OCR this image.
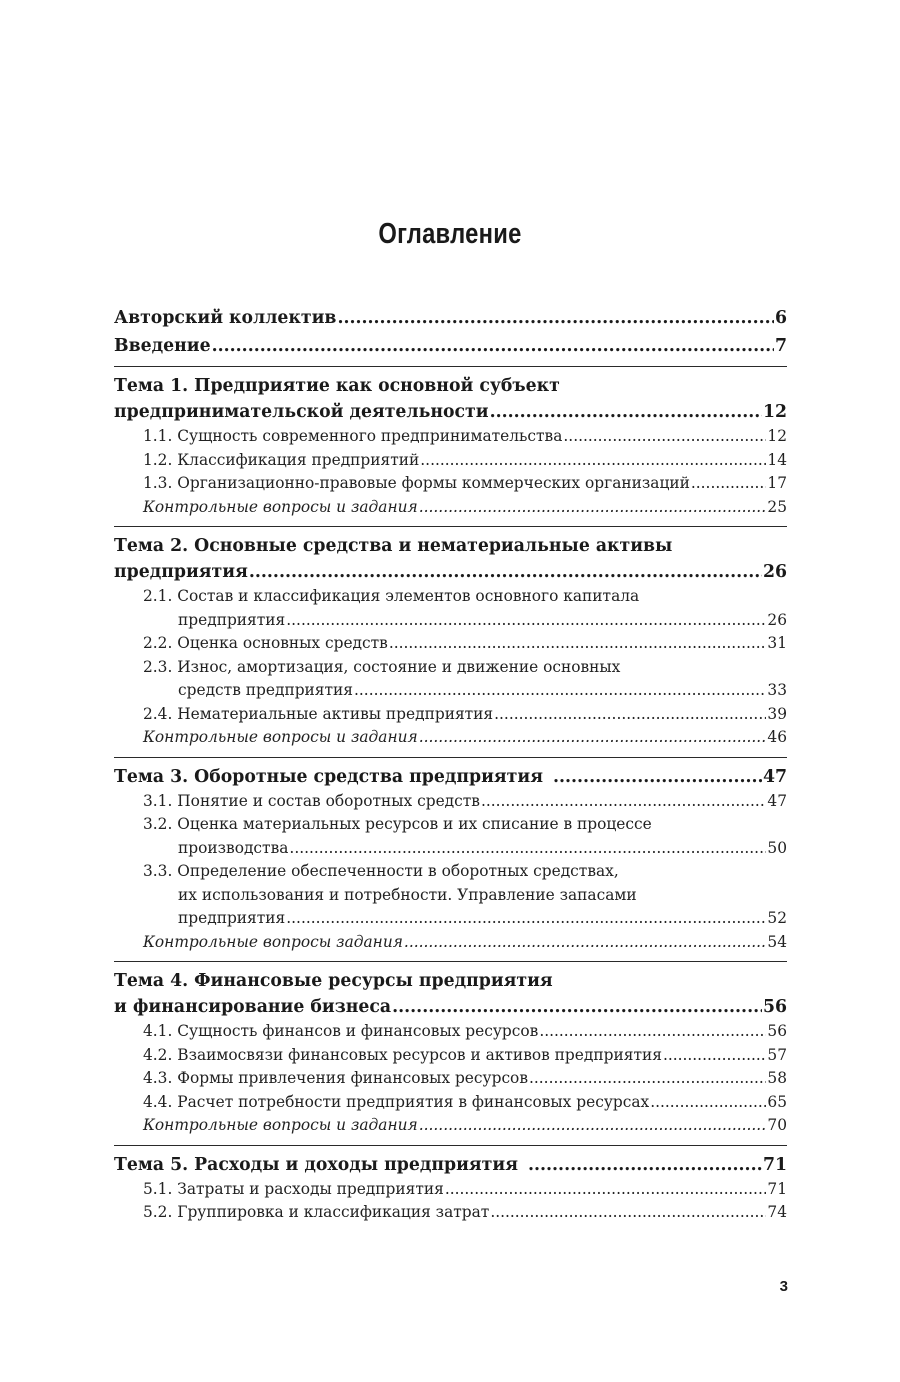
Оглавление
Авторский коллектив .....	6
Введение .....	7
Тема 1. Предприятие как основной субъект
предпринимательской деятельности .....	12
1.1. Сущность современного предпринимательства .....	12
1.2. Классификация предприятий .....	14
1.3. Организационно-правовые формы коммерческих организаций .....	17
Контрольные вопросы и задания .....	25
Тема 2. Основные средства и нематериальные активы
предприятия .....	26
2.1. Состав и классификация элементов основного капитала
предприятия .....	26
2.2. Оценка основных средств .....	31
2.3. Износ, амортизация, состояние и движение основных
средств предприятия .....	33
2.4. Нематериальные активы предприятия .....	39
Контрольные вопросы и задания .....	46
Тема 3. Оборотные средства предприятия .....	47
3.1. Понятие и состав оборотных средств .....	47
3.2. Оценка материальных ресурсов и их списание в процессе
производства .....	50
3.3. Определение обеспеченности в оборотных средствах,
их использования и потребности. Управление запасами
предприятия .....	52
Контрольные вопросы задания .....	54
Тема 4. Финансовые ресурсы предприятия
и финансирование бизнеса .....	56
4.1. Сущность финансов и финансовых ресурсов .....	56
4.2. Взаимосвязи финансовых ресурсов и активов предприятия .....	57
4.3. Формы привлечения финансовых ресурсов .....	58
4.4. Расчет потребности предприятия в финансовых ресурсах .....	65
Контрольные вопросы и задания .....	70
Тема 5. Расходы и доходы предприятия .....	71
5.1. Затраты и расходы предприятия .....	71
5.2. Группировка и классификация затрат .....	74
3
